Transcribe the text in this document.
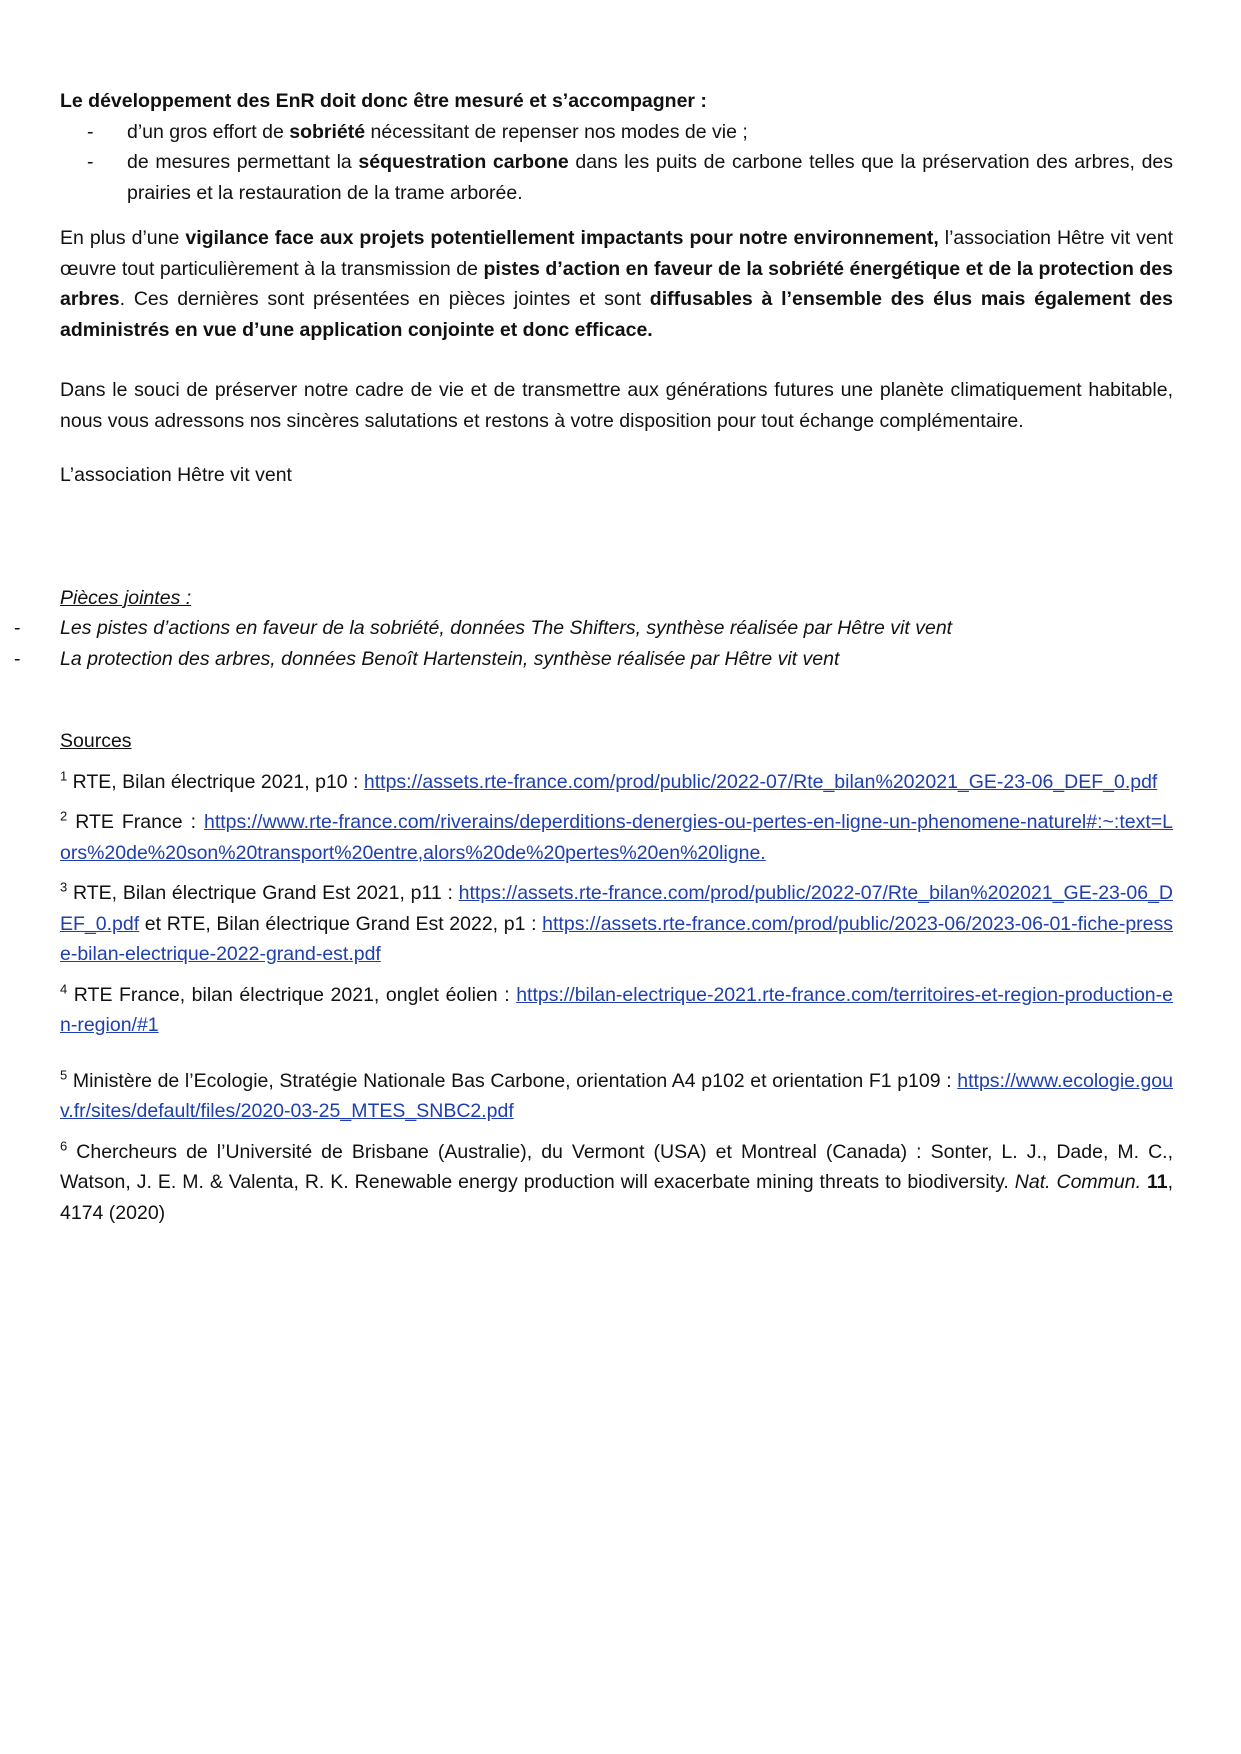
Le développement des EnR doit donc être mesuré et s’accompagner :

- d’un gros effort de sobriété nécessitant de repenser nos modes de vie ;
- de mesures permettant la séquestration carbone dans les puits de carbone telles que la préservation des arbres, des prairies et la restauration de la trame arborée.

En plus d’une vigilance face aux projets potentiellement impactants pour notre environnement, l’association Hêtre vit vent œuvre tout particulièrement à la transmission de pistes d’action en faveur de la sobriété énergétique et de la protection des arbres. Ces dernières sont présentées en pièces jointes et sont diffusables à l’ensemble des élus mais également des administrés en vue d’une application conjointe et donc efficace.

Dans le souci de préserver notre cadre de vie et de transmettre aux générations futures une planète climatiquement habitable, nous vous adressons nos sincères salutations et restons à votre disposition pour tout échange complémentaire.

L’association Hêtre vit vent

Pièces jointes :

- Les pistes d’actions en faveur de la sobriété, données The Shifters, synthèse réalisée par Hêtre vit vent
- La protection des arbres, données Benoît Hartenstein, synthèse réalisée par Hêtre vit vent

Sources

$^1$ RTE, Bilan électrique 2021, p10 : https://assets.rte-france.com/prod/public/2022-07/Rte_bilan%202021_GE-23-06_DEF_0.pdf

$^2$ RTE France : https://www.rte-france.com/riverains/deperditions-denergies-ou-pertes-en-ligne-un-phenomene-naturel#:~:text=Lors%20de%20son%20transport%20entre,alors%20de%20pertes%20en%20ligne.

$^3$ RTE, Bilan électrique Grand Est 2021, p11 : https://assets.rte-france.com/prod/public/2022-07/Rte_bilan%202021_GE-23-06_DEF_0.pdf et RTE, Bilan électrique Grand Est 2022, p1 : https://assets.rte-france.com/prod/public/2023-06/2023-06-01-fiche-presse-bilan-electrique-2022-grand-est.pdf

$^4$ RTE France, bilan électrique 2021, onglet éolien : https://bilan-electrique-2021.rte-france.com/territoires-et-region-production-en-region/#1

$^5$ Ministère de l’Ecologie, Stratégie Nationale Bas Carbone, orientation A4 p102 et orientation F1 p109 : https://www.ecologie.gouv.fr/sites/default/files/2020-03-25_MTES_SNBC2.pdf

$^6$ Chercheurs de l’Université de Brisbane (Australie), du Vermont (USA) et Montreal (Canada) : Sonter, L. J., Dade, M. C., Watson, J. E. M. & Valenta, R. K. Renewable energy production will exacerbate mining threats to biodiversity. Nat. Commun. 11, 4174 (2020)
